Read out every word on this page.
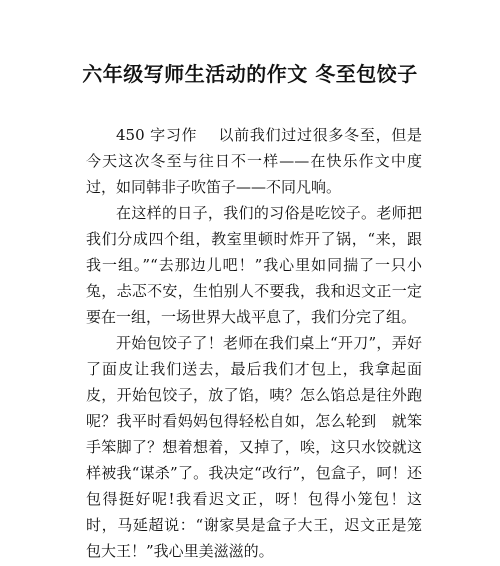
六年级写师生活动的作文 冬至包饺子

450 字习作　 以前我们过过很多冬至，但是今天这次冬至与往日不一样——在快乐作文中度过，如同韩非子吹笛子——不同凡响。

在这样的日子，我们的习俗是吃饺子。老师把我们分成四个组，教室里顿时炸开了锅，“来，跟我一组。”“去那边儿吧！”我心里如同揣了一只小兔，忐忑不安，生怕别人不要我，我和迟文正一定要在一组，一场世界大战平息了，我们分完了组。

开始包饺子了！老师在我们桌上“开刀”，弄好了面皮让我们送去，最后我们才包上，我拿起面皮，开始包饺子，放了馅，咦？怎么馅总是往外跑呢？我平时看妈妈包得轻松自如，怎么轮到　就笨手笨脚了？想着想着，又掉了，唉，这只水饺就这样被我“谋杀”了。我决定“改行”，包盒子，呵！还包得挺好呢!我看迟文正，呀！包得小笼包！这时，马延超说：“谢家昊是盒子大王，迟文正是笼包大王！”我心里美滋滋的。
